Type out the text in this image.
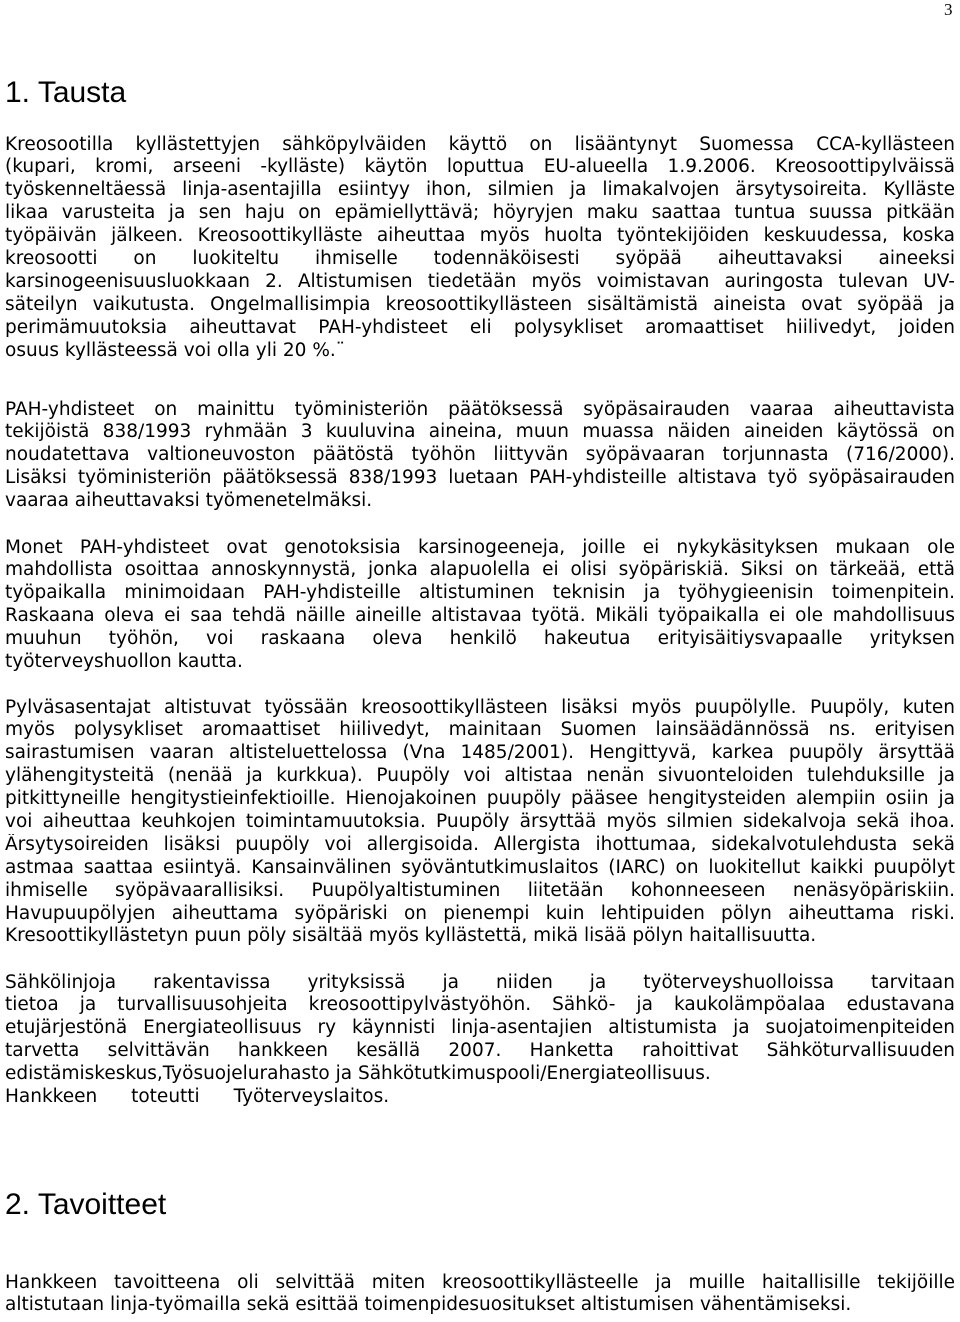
3
1. Tausta
Kreosootilla kyllästettyjen sähköpylväiden käyttö on lisääntynyt Suomessa CCA-kyllästeen
(kupari, kromi, arseeni -kylläste) käytön loputtua EU-alueella 1.9.2006. Kreosoottipylväissä
työskenneltäessä linja-asentajilla esiintyy ihon, silmien ja limakalvojen ärsytysoireita. Kylläste
likaa varusteita ja sen haju on epämiellyttävä; höyryjen maku saattaa tuntua suussa pitkään
työpäivän jälkeen. Kreosoottikylläste aiheuttaa myös huolta työntekijöiden keskuudessa, koska
kreosootti on luokiteltu ihmiselle todennäköisesti syöpää aiheuttavaksi aineeksi
karsinogeenisuusluokkaan 2. Altistumisen tiedetään myös voimistavan auringosta tulevan UV-
säteilyn vaikutusta. Ongelmallisimpia kreosoottikyllästeen sisältämistä aineista ovat syöpää ja
perimämuutoksia aiheuttavat PAH-yhdisteet eli polysykliset aromaattiset hiilivedyt, joiden
osuus kyllästeessä voi olla yli 20 %.¨
PAH-yhdisteet on mainittu työministeriön päätöksessä syöpäsairauden vaaraa aiheuttavista
tekijöistä 838/1993 ryhmään 3 kuuluvina aineina, muun muassa näiden aineiden käytössä on
noudatettava valtioneuvoston päätöstä työhön liittyvän syöpävaaran torjunnasta (716/2000).
Lisäksi työministeriön päätöksessä 838/1993 luetaan PAH-yhdisteille altistava työ syöpäsairauden
vaaraa aiheuttavaksi työmenetelmäksi.
Monet PAH-yhdisteet ovat genotoksisia karsinogeeneja, joille ei nykykäsityksen mukaan ole
mahdollista osoittaa annoskynnystä, jonka alapuolella ei olisi syöpäriskiä. Siksi on tärkeää, että
työpaikalla minimoidaan PAH-yhdisteille altistuminen teknisin ja työhygieenisin toimenpitein.
Raskaana oleva ei saa tehdä näille aineille altistavaa työtä. Mikäli työpaikalla ei ole mahdollisuus
muuhun työhön, voi raskaana oleva henkilö hakeutua erityisäitiysvapaalle yrityksen
työterveyshuollon kautta.
Pylväsasentajat altistuvat työssään kreosoottikyllästeen lisäksi myös puupölylle. Puupöly, kuten
myös polysykliset aromaattiset hiilivedyt, mainitaan Suomen lainsäädännössä ns. erityisen
sairastumisen vaaran altisteluettelossa (Vna 1485/2001). Hengittyvä, karkea puupöly ärsyttää
ylähengitysteitä (nenää ja kurkkua). Puupöly voi altistaa nenän sivuonteloiden tulehduksille ja
pitkittyneille hengitystieinfektioille. Hienojakoinen puupöly pääsee hengitysteiden alempiin osiin ja
voi aiheuttaa keuhkojen toimintamuutoksia. Puupöly ärsyttää myös silmien sidekalvoja sekä ihoa.
Ärsytysoireiden lisäksi puupöly voi allergisoida. Allergista ihottumaa, sidekalvotulehdusta sekä
astmaa saattaa esiintyä. Kansainvälinen syöväntutkimuslaitos (IARC) on luokitellut kaikki puupölyt
ihmiselle syöpävaarallisiksi. Puupölyaltistuminen liitetään kohonneeseen nenäsyöpäriskiin.
Havupuupölyjen aiheuttama syöpäriski on pienempi kuin lehtipuiden pölyn aiheuttama riski.
Kresoottikyllästetyn puun pöly sisältää myös kyllästettä, mikä lisää pölyn haitallisuutta.
Sähkölinjoja rakentavissa yrityksissä ja niiden ja työterveyshuolloissa tarvitaan
tietoa ja turvallisuusohjeita kreosoottipylvästyöhön. Sähkö- ja kaukolämpöalaa edustavana
etujärjestönä Energiateollisuus ry käynnisti linja-asentajien altistumista ja suojatoimenpiteiden
tarvetta selvittävän hankkeen kesällä 2007. Hanketta rahoittivat Sähköturvallisuuden
edistämiskeskus,Työsuojelurahasto ja Sähkötutkimuspooli/Energiateollisuus.
Hankkeen toteutti Työterveyslaitos.
2. Tavoitteet
Hankkeen tavoitteena oli selvittää miten kreosoottikyllästeelle ja muille haitallisille tekijöille
altistutaan linja-työmailla sekä esittää toimenpidesuositukset altistumisen vähentämiseksi.
